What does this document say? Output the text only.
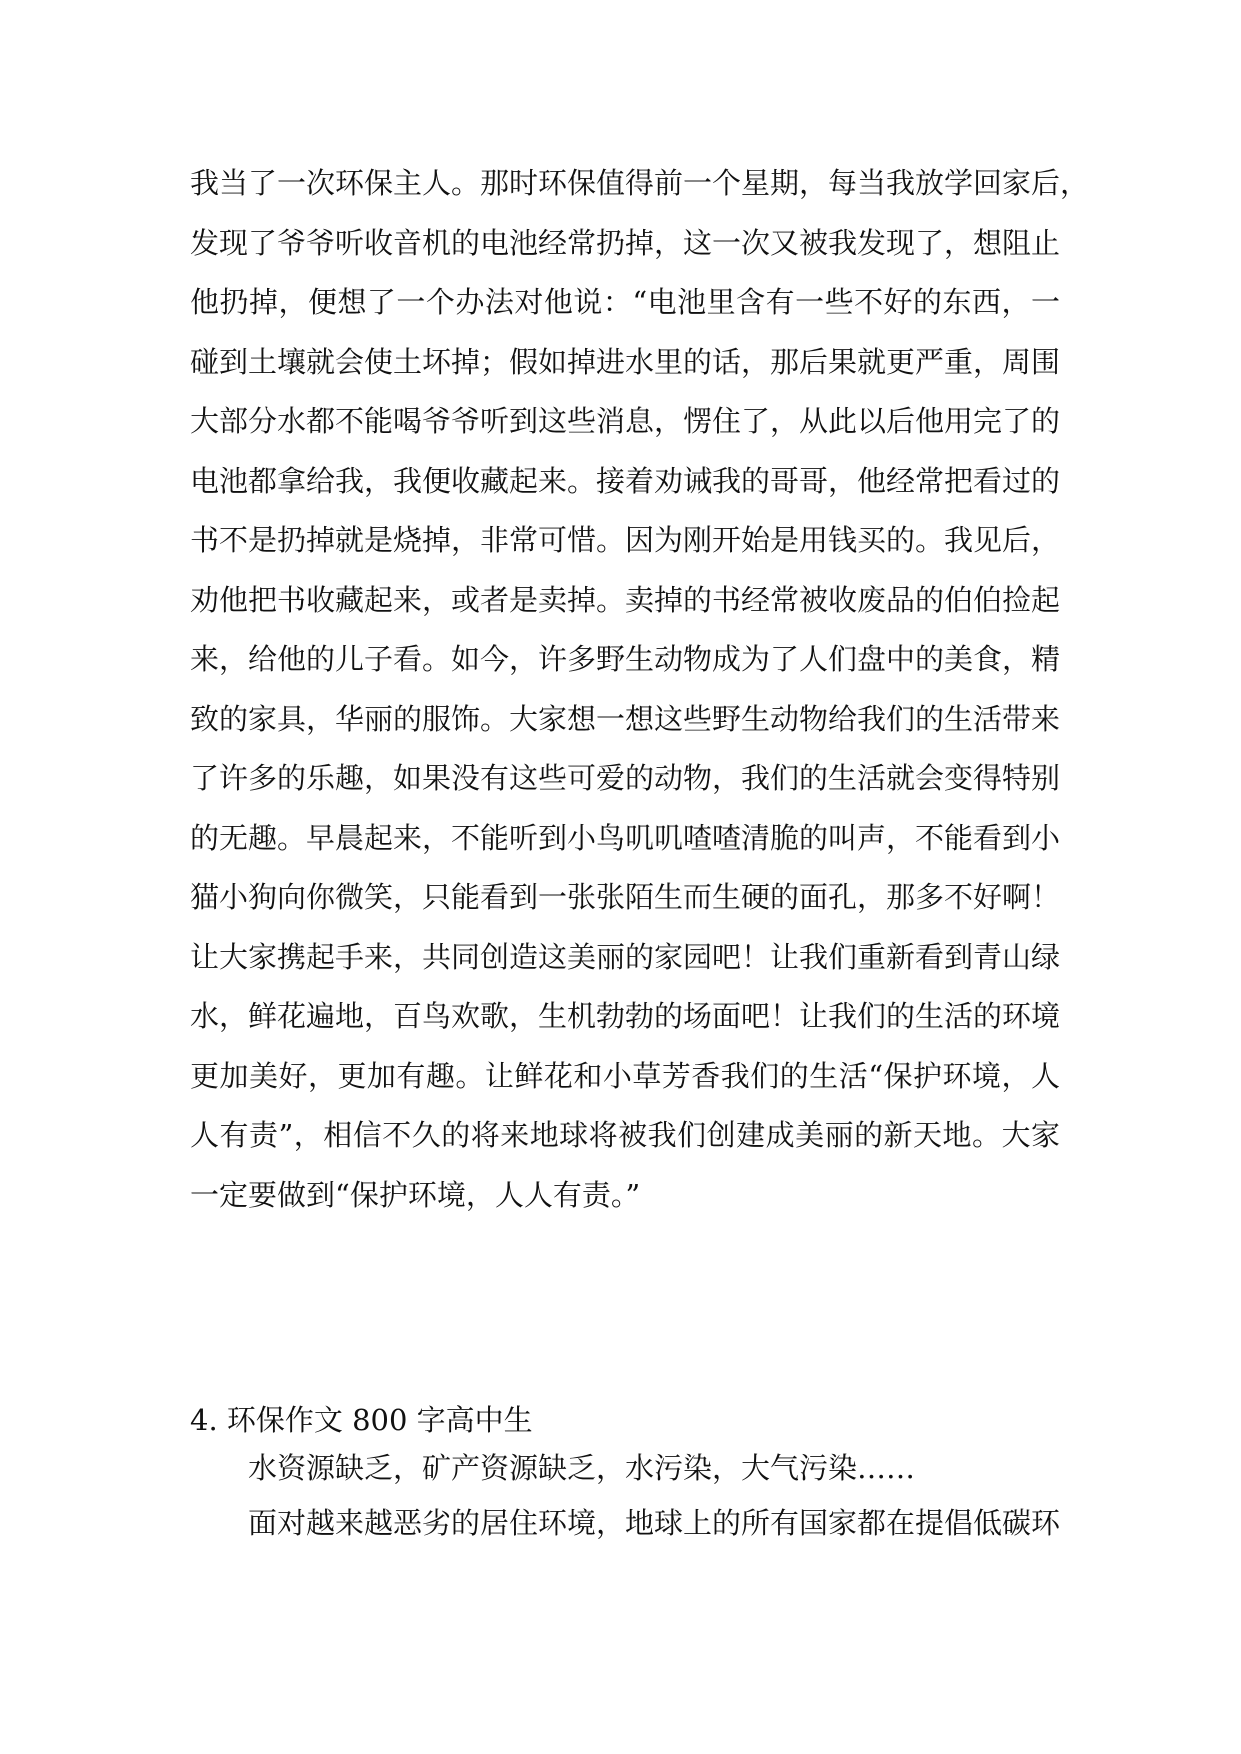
我当了一次环保主人。那时环保值得前一个星期，每当我放学回家后，
发现了爷爷听收音机的电池经常扔掉，这一次又被我发现了，想阻止
他扔掉，便想了一个办法对他说：“电池里含有一些不好的东西，一
碰到土壤就会使土坏掉；假如掉进水里的话，那后果就更严重，周围
大部分水都不能喝爷爷听到这些消息，愣住了，从此以后他用完了的
电池都拿给我，我便收藏起来。接着劝诫我的哥哥，他经常把看过的
书不是扔掉就是烧掉，非常可惜。因为刚开始是用钱买的。我见后，
劝他把书收藏起来，或者是卖掉。卖掉的书经常被收废品的伯伯捡起
来，给他的儿子看。如今，许多野生动物成为了人们盘中的美食，精
致的家具，华丽的服饰。大家想一想这些野生动物给我们的生活带来
了许多的乐趣，如果没有这些可爱的动物，我们的生活就会变得特别
的无趣。早晨起来，不能听到小鸟叽叽喳喳清脆的叫声，不能看到小
猫小狗向你微笑，只能看到一张张陌生而生硬的面孔，那多不好啊！
让大家携起手来，共同创造这美丽的家园吧！让我们重新看到青山绿
水，鲜花遍地，百鸟欢歌，生机勃勃的场面吧！让我们的生活的环境
更加美好，更加有趣。让鲜花和小草芳香我们的生活“保护环境，人
人有责”，相信不久的将来地球将被我们创建成美丽的新天地。大家
一定要做到“保护环境，人人有责。”
4. 环保作文 800 字高中生
水资源缺乏，矿产资源缺乏，水污染，大气污染……
面对越来越恶劣的居住环境，地球上的所有国家都在提倡低碳环
